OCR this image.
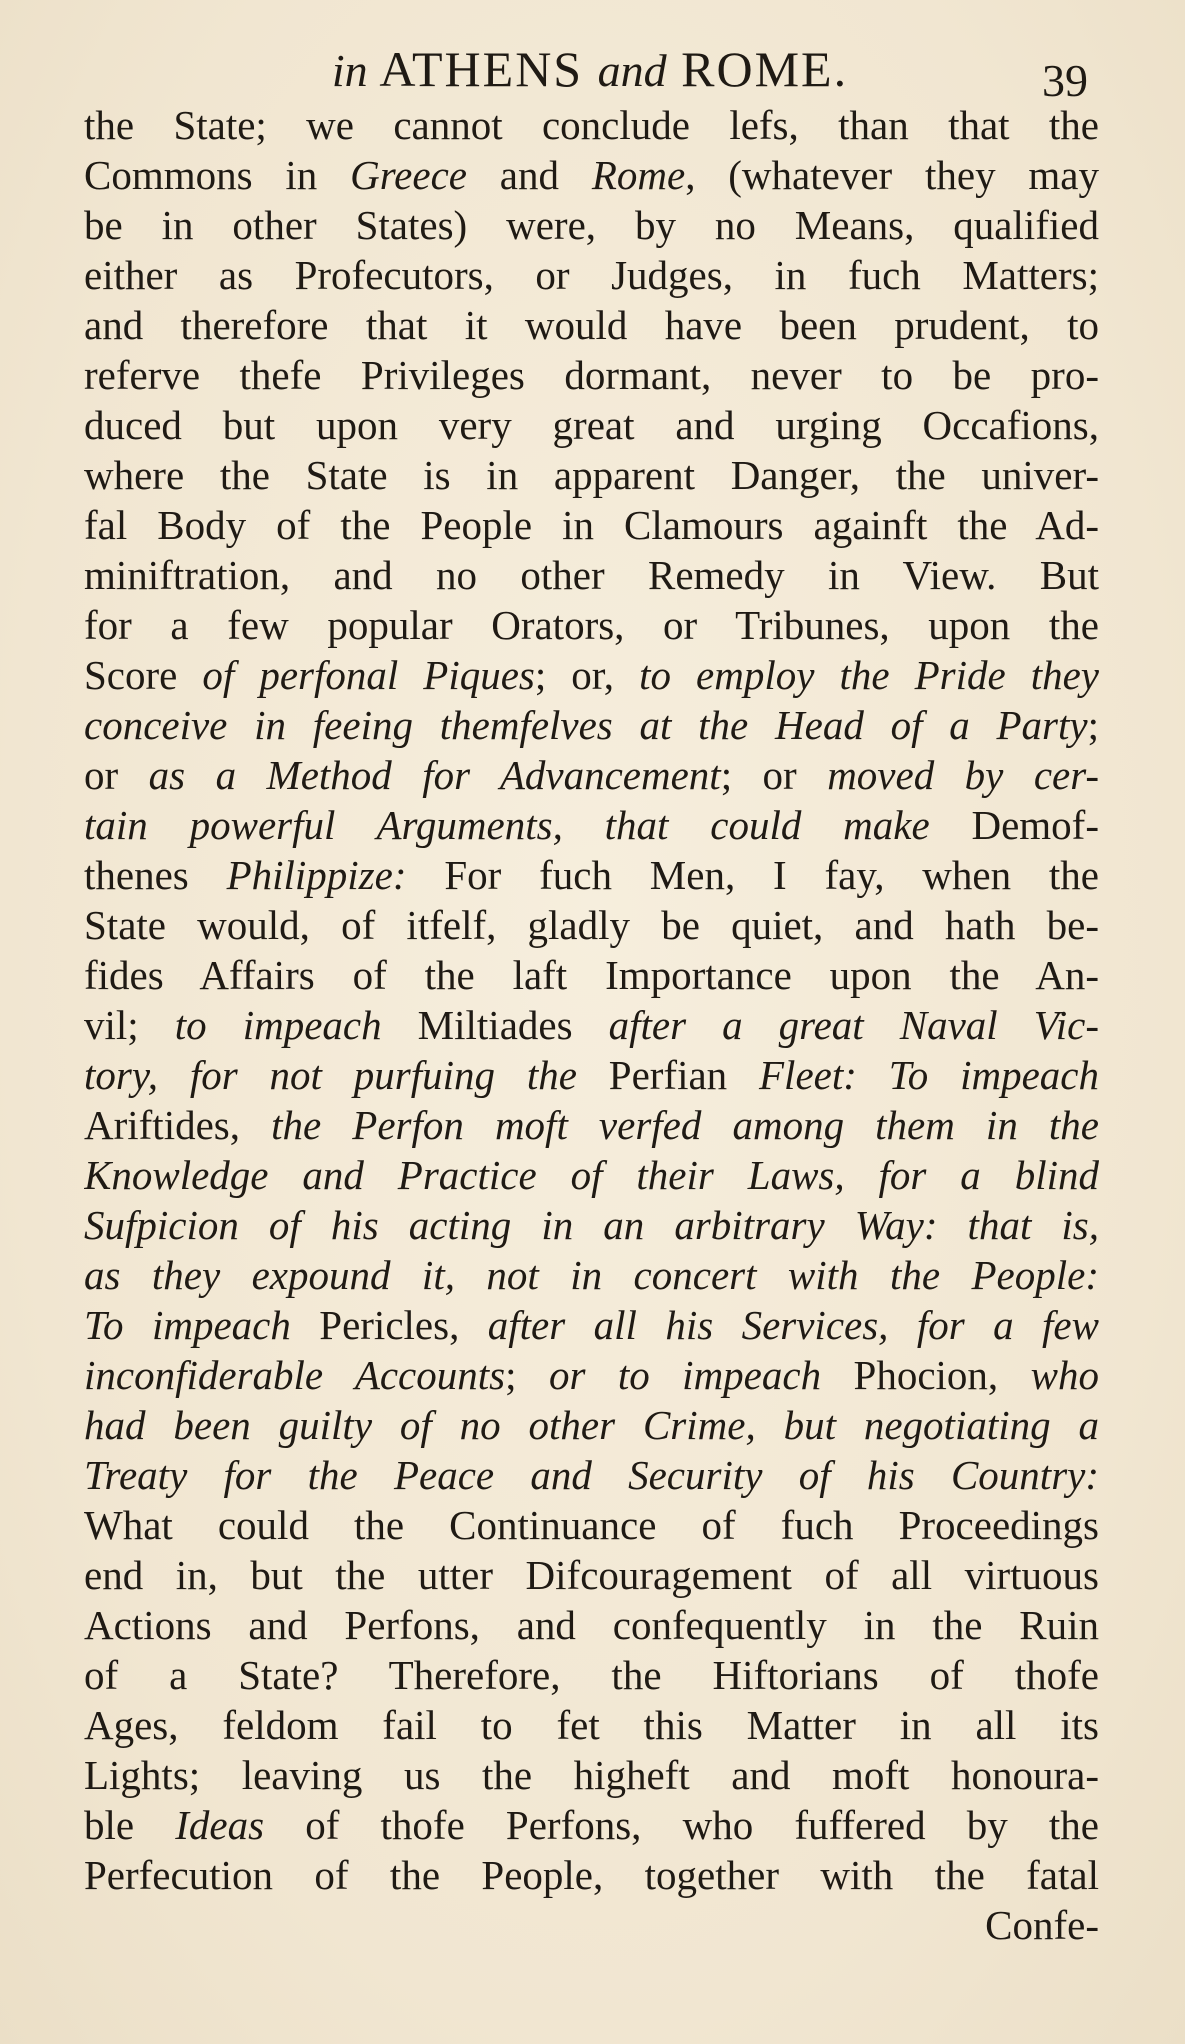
in ATHENS and ROME.	39
the State; we cannot conclude lefs, than that the
Commons in Greece and Rome, (whatever they may
be in other States) were, by no Means, qualified
either as Profecutors, or Judges, in fuch Matters;
and therefore that it would have been prudent, to
referve thefe Privileges dormant, never to be pro-
duced but upon very great and urging Occafions,
where the State is in apparent Danger, the univer-
fal Body of the People in Clamours againft the Ad-
miniftration, and no other Remedy in View. But
for a few popular Orators, or Tribunes, upon the
Score of perfonal Piques; or, to employ the Pride they
conceive in feeing themfelves at the Head of a Party;
or as a Method for Advancement; or moved by cer-
tain powerful Arguments, that could make Demof-
thenes Philippize: For fuch Men, I fay, when the
State would, of itfelf, gladly be quiet, and hath be-
fides Affairs of the laft Importance upon the An-
vil; to impeach Miltiades after a great Naval Vic-
tory, for not purfuing the Perfian Fleet: To impeach
Ariftides, the Perfon moft verfed among them in the
Knowledge and Practice of their Laws, for a blind
Sufpicion of his acting in an arbitrary Way: that is,
as they expound it, not in concert with the People:
To impeach Pericles, after all his Services, for a few
inconfiderable Accounts; or to impeach Phocion, who
had been guilty of no other Crime, but negotiating a
Treaty for the Peace and Security of his Country:
What could the Continuance of fuch Proceedings
end in, but the utter Difcouragement of all virtuous
Actions and Perfons, and confequently in the Ruin
of a State? Therefore, the Hiftorians of thofe
Ages, feldom fail to fet this Matter in all its
Lights; leaving us the higheft and moft honoura-
ble Ideas of thofe Perfons, who fuffered by the
Perfecution of the People, together with the fatal
Confe-
